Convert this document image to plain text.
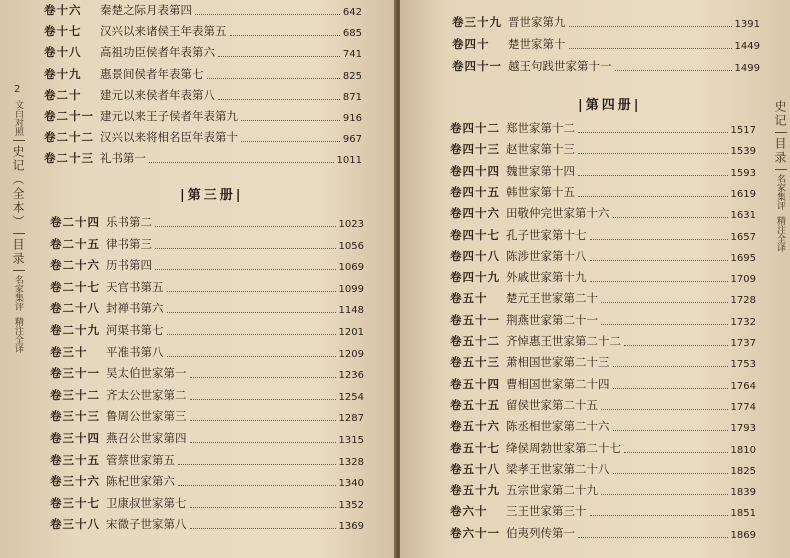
2
文白对照
史记（全本）
目录
名家集评
精注全译
|第三册|
卷十六	秦楚之际月表第四	642
卷十七	汉兴以来诸侯王年表第五	685
卷十八	高祖功臣侯者年表第六	741
卷十九	惠景间侯者年表第七	825
卷二十	建元以来侯者年表第八	871
卷二十一 建元以来王子侯者年表第九	916
卷二十二 汉兴以来将相名臣年表第十	967
卷二十三 礼书第一	1011
卷二十四 乐书第二	1023
卷二十五 律书第三	1056
卷二十六 历书第四	1069
卷二十七 天官书第五	1099
卷二十八 封禅书第六	1148
卷二十九 河渠书第七	1201
卷三十	平准书第八	1209
卷三十一 吴太伯世家第一	1236
卷三十二 齐太公世家第二	1254
卷三十三 鲁周公世家第三	1287
卷三十四 燕召公世家第四	1315
卷三十五 管蔡世家第五	1328
卷三十六 陈杞世家第六	1340
卷三十七 卫康叔世家第七	1352
卷三十八 宋微子世家第八	1369
史记
目录
名家集评
精注全译
|第四册|
卷三十九 晋世家第九	1391
卷四十	楚世家第十	1449
卷四十一 越王句践世家第十一	1499
卷四十二 郑世家第十二	1517
卷四十三 赵世家第十三	1539
卷四十四 魏世家第十四	1593
卷四十五 韩世家第十五	1619
卷四十六 田敬仲完世家第十六	1631
卷四十七 孔子世家第十七	1657
卷四十八 陈涉世家第十八	1695
卷四十九 外戚世家第十九	1709
卷五十	楚元王世家第二十	1728
卷五十一 荆燕世家第二十一	1732
卷五十二 齐悼惠王世家第二十二	1737
卷五十三 萧相国世家第二十三	1753
卷五十四 曹相国世家第二十四	1764
卷五十五 留侯世家第二十五	1774
卷五十六 陈丞相世家第二十六	1793
卷五十七 绛侯周勃世家第二十七	1810
卷五十八 梁孝王世家第二十八	1825
卷五十九 五宗世家第二十九	1839
卷六十	三王世家第三十	1851
卷六十一 伯夷列传第一	1869
